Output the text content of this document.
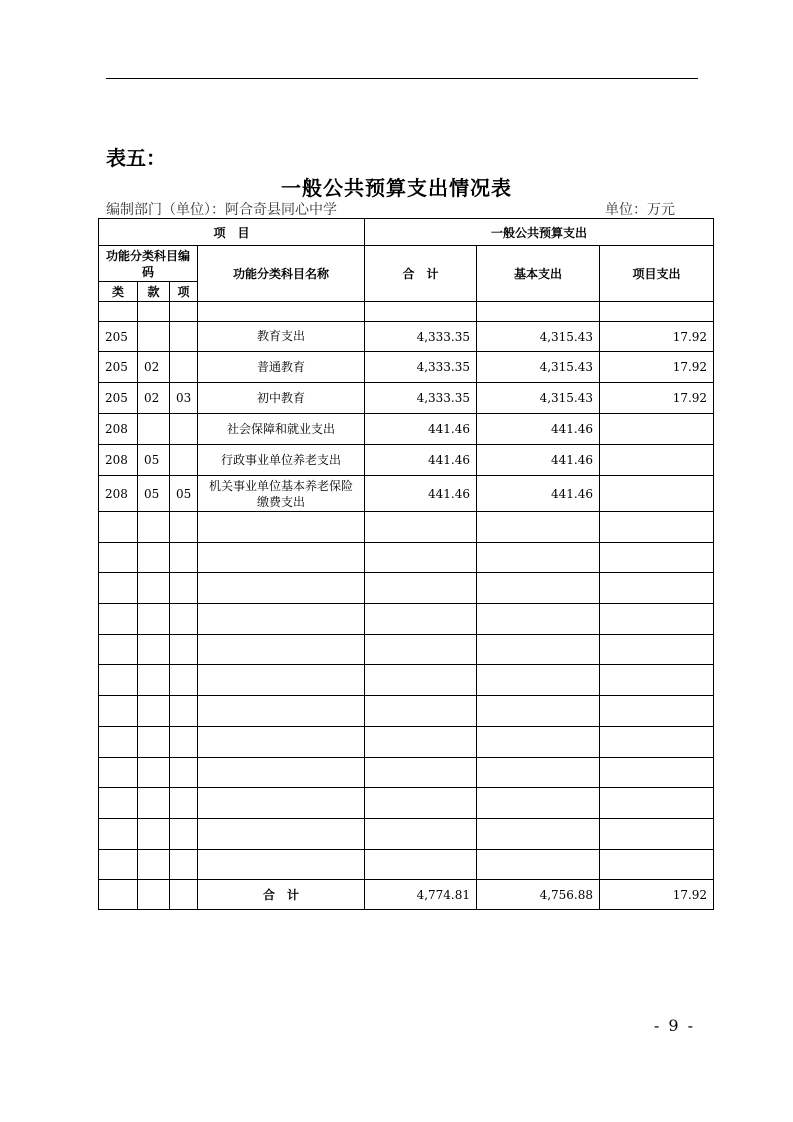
表五：
一般公共预算支出情况表
编制部门（单位）：阿合奇县同心中学	单位：万元
项　目				一般公共预算支出		
功能分类科目编码			功能分类科目名称	合　计	基本支出	项目支出
类	款	项				

205			教育支出	4,333.35	4,315.43	17.92
205	02		普通教育	4,333.35	4,315.43	17.92
205	02	03	初中教育	4,333.35	4,315.43	17.92
208			社会保障和就业支出	441.46	441.46	
208	05		行政事业单位养老支出	441.46	441.46	
208	05	05	机关事业单位基本养老保险缴费支出	441.46	441.46	

			合　计	4,774.81	4,756.88	17.92
- 9 -
